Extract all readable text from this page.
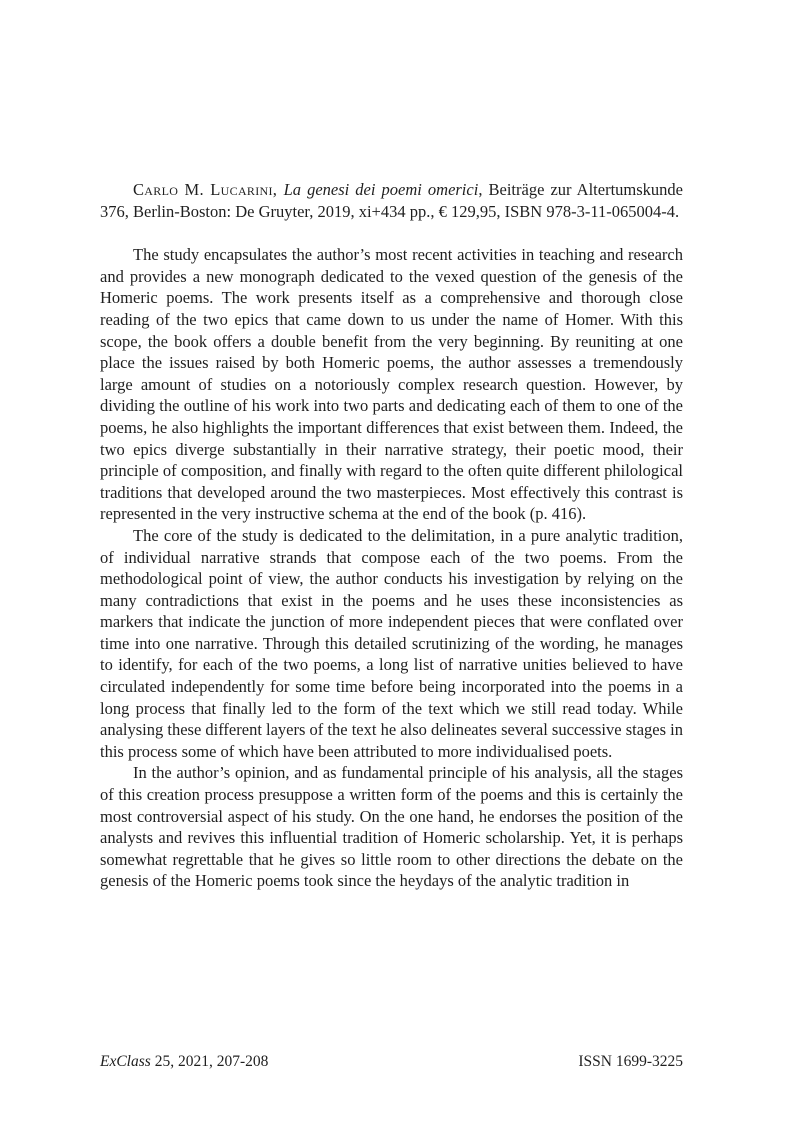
Carlo M. Lucarini, La genesi dei poemi omerici, Beiträge zur Altertumskunde 376, Berlin-Boston: De Gruyter, 2019, xi+434 pp., € 129,95, ISBN 978-3-11-065004-4.

The study encapsulates the author’s most recent activities in teaching and research and provides a new monograph dedicated to the vexed question of the genesis of the Homeric poems. The work presents itself as a comprehensive and thorough close reading of the two epics that came down to us under the name of Homer. With this scope, the book offers a double benefit from the very beginning. By reuniting at one place the issues raised by both Homeric poems, the author assesses a tremendously large amount of studies on a notoriously complex research question. However, by dividing the outline of his work into two parts and dedicating each of them to one of the poems, he also highlights the important differences that exist between them. Indeed, the two epics diverge substantially in their narrative strategy, their poetic mood, their principle of composition, and finally with regard to the often quite different philological traditions that developed around the two masterpieces. Most effectively this contrast is represented in the very instructive schema at the end of the book (p. 416).

The core of the study is dedicated to the delimitation, in a pure analytic tradition, of individual narrative strands that compose each of the two poems. From the methodological point of view, the author conducts his investigation by relying on the many contradictions that exist in the poems and he uses these inconsistencies as markers that indicate the junction of more independent pieces that were conflated over time into one narrative. Through this detailed scrutinizing of the wording, he manages to identify, for each of the two poems, a long list of narrative unities believed to have circulated independently for some time before being incorporated into the poems in a long process that finally led to the form of the text which we still read today. While analysing these different layers of the text he also delineates several successive stages in this process some of which have been attributed to more individualised poets.

In the author’s opinion, and as fundamental principle of his analysis, all the stages of this creation process presuppose a written form of the poems and this is certainly the most controversial aspect of his study. On the one hand, he endorses the position of the analysts and revives this influential tradition of Homeric scholarship. Yet, it is perhaps somewhat regrettable that he gives so little room to other directions the debate on the genesis of the Homeric poems took since the heydays of the analytic tradition in

ExClass 25, 2021, 207-208	ISSN 1699-3225
